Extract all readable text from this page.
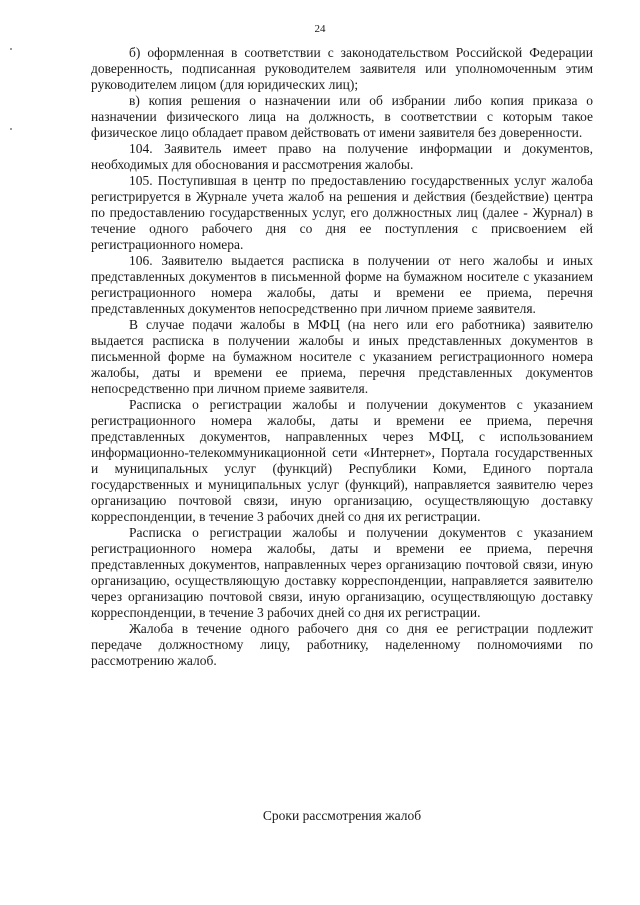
24

б) оформленная в соответствии с законодательством Российской Федерации доверенность, подписанная руководителем заявителя или уполномоченным этим руководителем лицом (для юридических лиц);

в) копия решения о назначении или об избрании либо копия приказа о назначении физического лица на должность, в соответствии с которым такое физическое лицо обладает правом действовать от имени заявителя без доверенности.

104. Заявитель имеет право на получение информации и документов, необходимых для обоснования и рассмотрения жалобы.

105. Поступившая в центр по предоставлению государственных услуг жалоба регистрируется в Журнале учета жалоб на решения и действия (бездействие) центра по предоставлению государственных услуг, его должностных лиц (далее - Журнал) в течение одного рабочего дня со дня ее поступления с присвоением ей регистрационного номера.

106. Заявителю выдается расписка в получении от него жалобы и иных представленных документов в письменной форме на бумажном носителе с указанием регистрационного номера жалобы, даты и времени ее приема, перечня представленных документов непосредственно при личном приеме заявителя.

В случае подачи жалобы в МФЦ (на него или его работника) заявителю выдается расписка в получении жалобы и иных представленных документов в письменной форме на бумажном носителе с указанием регистрационного номера жалобы, даты и времени ее приема, перечня представленных документов непосредственно при личном приеме заявителя.

Расписка о регистрации жалобы и получении документов с указанием регистрационного номера жалобы, даты и времени ее приема, перечня представленных документов, направленных через МФЦ, с использованием информационно-телекоммуникационной сети «Интернет», Портала государственных и муниципальных услуг (функций) Республики Коми, Единого портала государственных и муниципальных услуг (функций), направляется заявителю через организацию почтовой связи, иную организацию, осуществляющую доставку корреспонденции, в течение 3 рабочих дней со дня их регистрации.

Расписка о регистрации жалобы и получении документов с указанием регистрационного номера жалобы, даты и времени ее приема, перечня представленных документов, направленных через организацию почтовой связи, иную организацию, осуществляющую доставку корреспонденции, направляется заявителю через организацию почтовой связи, иную организацию, осуществляющую доставку корреспонденции, в течение 3 рабочих дней со дня их регистрации.

Жалоба в течение одного рабочего дня со дня ее регистрации подлежит передаче должностному лицу, работнику, наделенному полномочиями по рассмотрению жалоб.

Сроки рассмотрения жалоб
